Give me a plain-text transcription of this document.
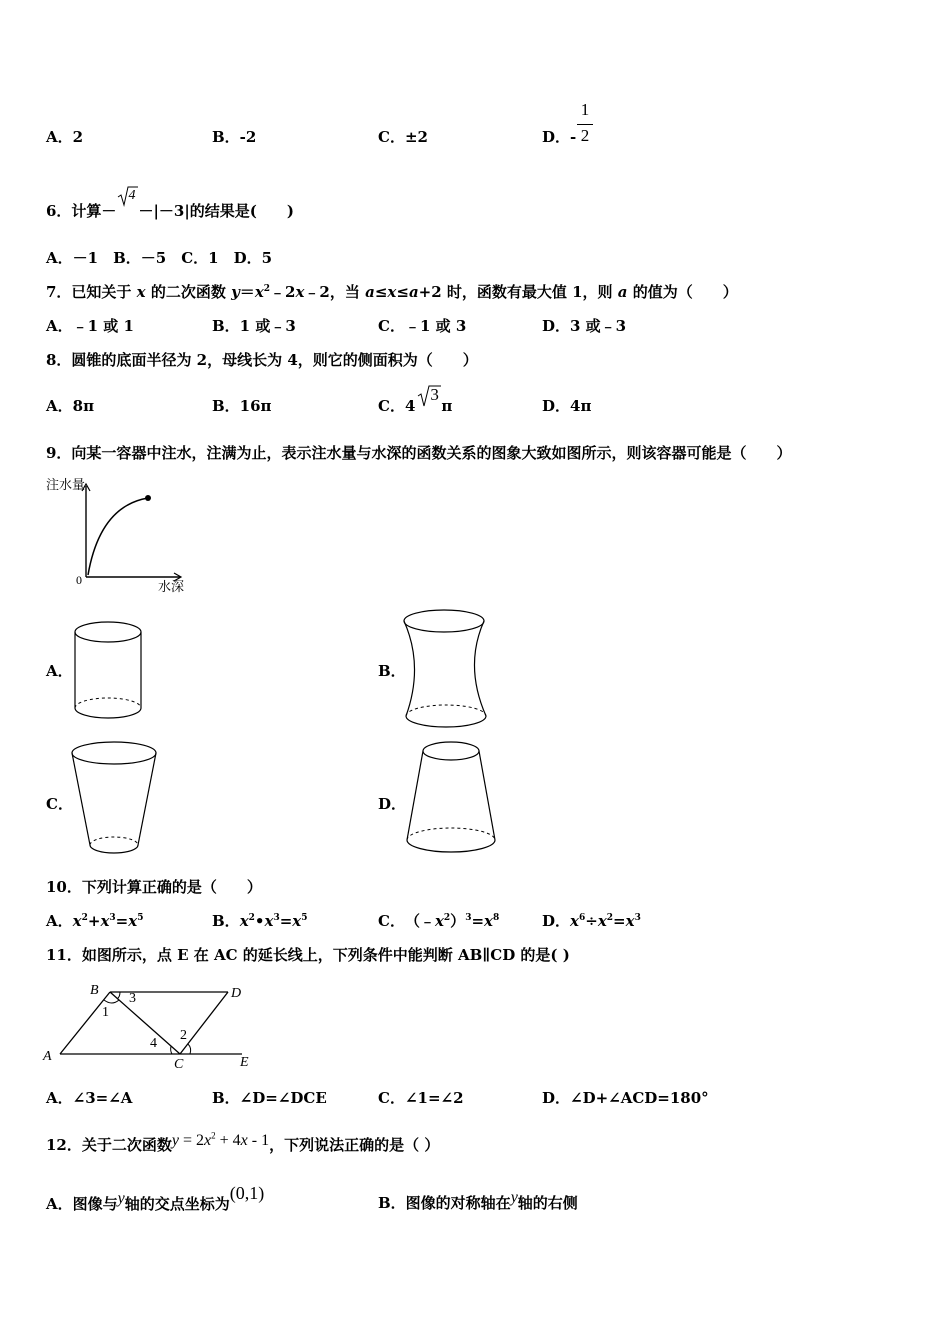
A．2	B．-2	C．±2	D．-
1
2
6．计算－
4
－|－3|的结果是(　　)
A．－1　B．－5　C．1　D．5
7．已知关于 x 的二次函数 $y=x^2﹣2x﹣2$，当 a≤x≤a+2 时，函数有最大值 1，则 a 的值为（　　）
A．﹣1 或 1	B．1 或﹣3	C．﹣1 或 3	D．3 或﹣3
8．圆锥的底面半径为 2，母线长为 4，则它的侧面积为（　　）
A．8π	B．16π	C．4
3
π	D．4π
9．向某一容器中注水，注满为止，表示注水量与水深的函数关系的图象大致如图所示，则该容器可能是（　　）
注水量
0	水深
A．	B．
C．	D．
10．下列计算正确的是（　　）
A．$x^2+x^3=x^5$	B．$x^2•x^3=x^5$	C．　$(﹣x^2)^3=x^8$	D．$x^6\div x^2=x^3$
11．如图所示，点 E 在 AC 的延长线上，下列条件中能判断 AB∥CD 的是( )
B	D
A
C	E
1
2
3
4
A．∠3=∠A	B．∠D=∠DCE	C．∠1=∠2	D．∠D+∠ACD=180°
12．关于二次函数$y = 2x^2 + 4x - 1$，下列说法正确的是（ ）
A．图像与y轴的交点坐标为(0,1)	B．图像的对称轴在y轴的右侧
